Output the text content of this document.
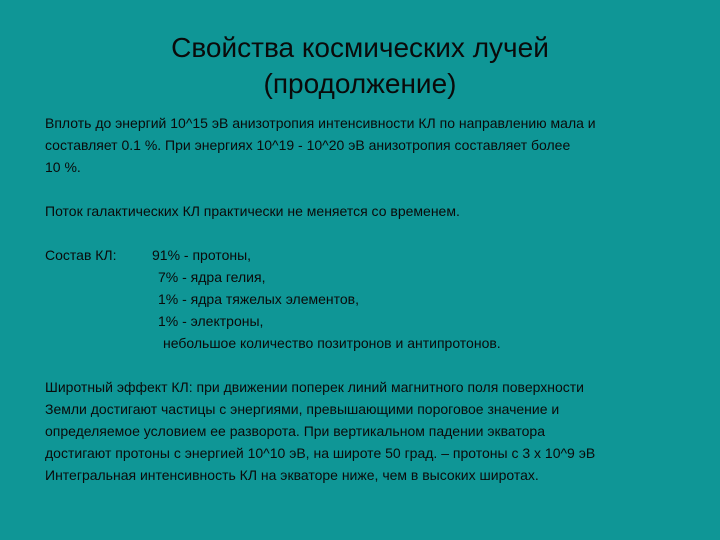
Свойства космических лучей
(продолжение)
Вплоть до энергий 10^15 эВ анизотропия интенсивности КЛ по направлению мала и
составляет 0.1 %. При энергиях 10^19 - 10^20 эВ анизотропия составляет более
10 %.
Поток галактических КЛ практически не меняется со временем.
Состав КЛ:	91% - протоны,
7% - ядра гелия,
1% - ядра тяжелых элементов,
1% - электроны,
небольшое количество позитронов и антипротонов.
Широтный эффект КЛ: при движении поперек линий магнитного поля поверхности
Земли достигают частицы с энергиями, превышающими пороговое значение и
определяемое условием ее разворота. При вертикальном падении экватора
достигают протоны с энергией 10^10 эВ, на широте 50 град. – протоны с 3 х 10^9 эВ
Интегральная интенсивность КЛ на экваторе ниже, чем в высоких широтах.
